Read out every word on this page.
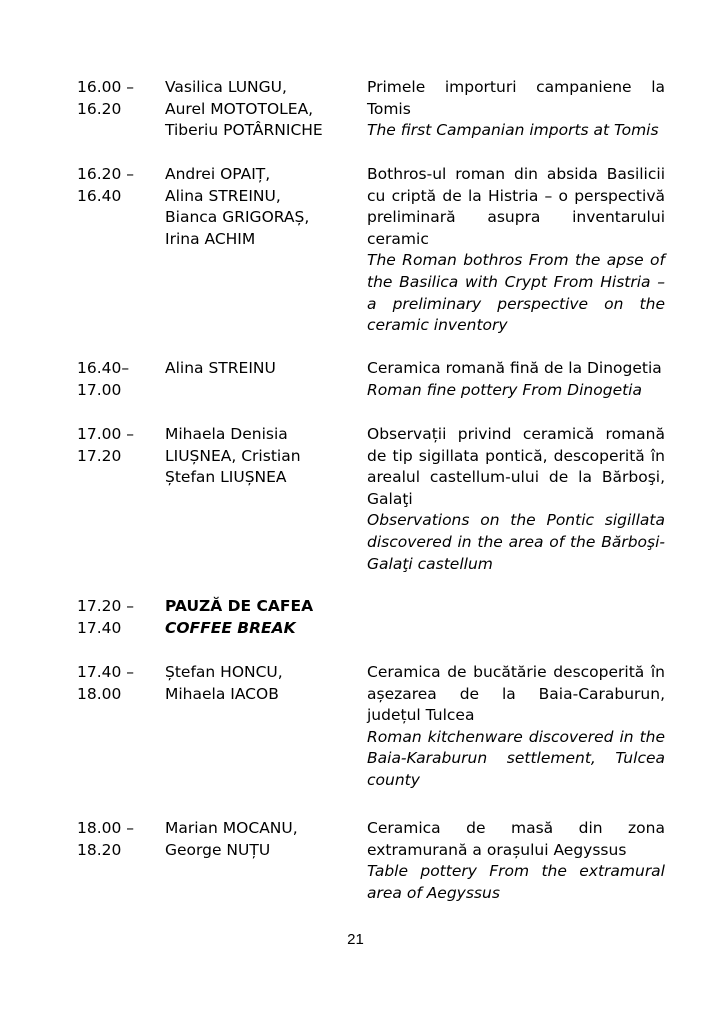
16.00 –
16.20
Vasilica LUNGU,
Aurel MOTOTOLEA,
Tiberiu POTÂRNICHE
Primele importuri campaniene la Tomis
The first Campanian imports at Tomis
16.20 –
16.40
Andrei OPAIȚ,
Alina STREINU,
Bianca GRIGORAȘ,
Irina ACHIM
Bothros-ul roman din absida Basilicii cu criptă de la Histria – o perspectivă preliminară asupra inventarului ceramic
The Roman bothros From the apse of the Basilica with Crypt From Histria – a preliminary perspective on the ceramic inventory
16.40–
17.00
Alina STREINU	Ceramica romană fină de la Dinogetia
Roman fine pottery From Dinogetia
17.00 –
17.20
Mihaela Denisia
LIUȘNEA, Cristian
Ștefan LIUȘNEA
Observații privind ceramică romană de tip sigillata pontică, descoperită în arealul castellum-ului de la Bărboşi, Galaţi
Observations on the Pontic sigillata discovered in the area of the Bărboşi-Galaţi castellum
17.20 –
17.40
PAUZĂ DE CAFEA
COFFEE BREAK
17.40 –
18.00
Ștefan HONCU,
Mihaela IACOB
Ceramica de bucătărie descoperită în așezarea de la Baia-Caraburun, județul Tulcea
Roman kitchenware discovered in the Baia-Karaburun settlement, Tulcea county
18.00 –
18.20
Marian MOCANU,
George NUȚU
Ceramica de masă din zona extramurană a orașului Aegyssus
Table pottery From the extramural area of Aegyssus
21
